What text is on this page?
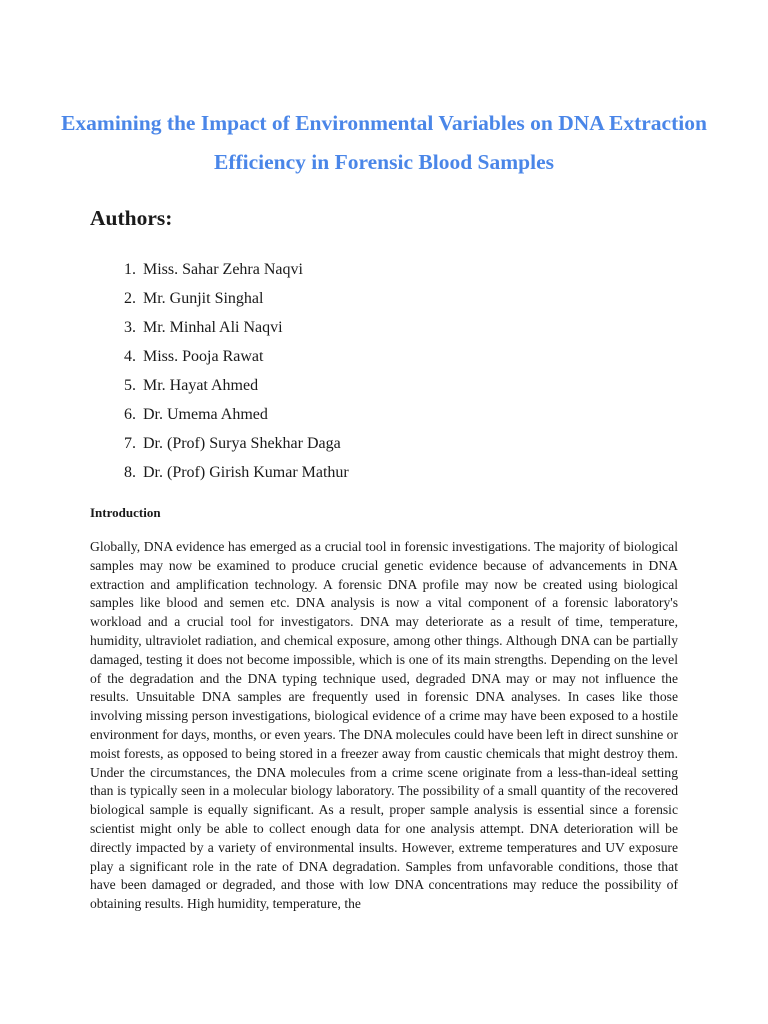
Examining the Impact of Environmental Variables on DNA Extraction Efficiency in Forensic Blood Samples
Authors:
1. Miss. Sahar Zehra Naqvi
2. Mr. Gunjit Singhal
3. Mr. Minhal Ali Naqvi
4. Miss. Pooja Rawat
5. Mr. Hayat Ahmed
6. Dr. Umema Ahmed
7. Dr. (Prof) Surya Shekhar Daga
8. Dr. (Prof) Girish Kumar Mathur
Introduction

Globally, DNA evidence has emerged as a crucial tool in forensic investigations. The majority of biological samples may now be examined to produce crucial genetic evidence because of advancements in DNA extraction and amplification technology. A forensic DNA profile may now be created using biological samples like blood and semen etc. DNA analysis is now a vital component of a forensic laboratory's workload and a crucial tool for investigators. DNA may deteriorate as a result of time, temperature, humidity, ultraviolet radiation, and chemical exposure, among other things. Although DNA can be partially damaged, testing it does not become impossible, which is one of its main strengths. Depending on the level of the degradation and the DNA typing technique used, degraded DNA may or may not influence the results. Unsuitable DNA samples are frequently used in forensic DNA analyses. In cases like those involving missing person investigations, biological evidence of a crime may have been exposed to a hostile environment for days, months, or even years. The DNA molecules could have been left in direct sunshine or moist forests, as opposed to being stored in a freezer away from caustic chemicals that might destroy them. Under the circumstances, the DNA molecules from a crime scene originate from a less-than-ideal setting than is typically seen in a molecular biology laboratory. The possibility of a small quantity of the recovered biological sample is equally significant. As a result, proper sample analysis is essential since a forensic scientist might only be able to collect enough data for one analysis attempt. DNA deterioration will be directly impacted by a variety of environmental insults. However, extreme temperatures and UV exposure play a significant role in the rate of DNA degradation. Samples from unfavorable conditions, those that have been damaged or degraded, and those with low DNA concentrations may reduce the possibility of obtaining results. High humidity, temperature, the
